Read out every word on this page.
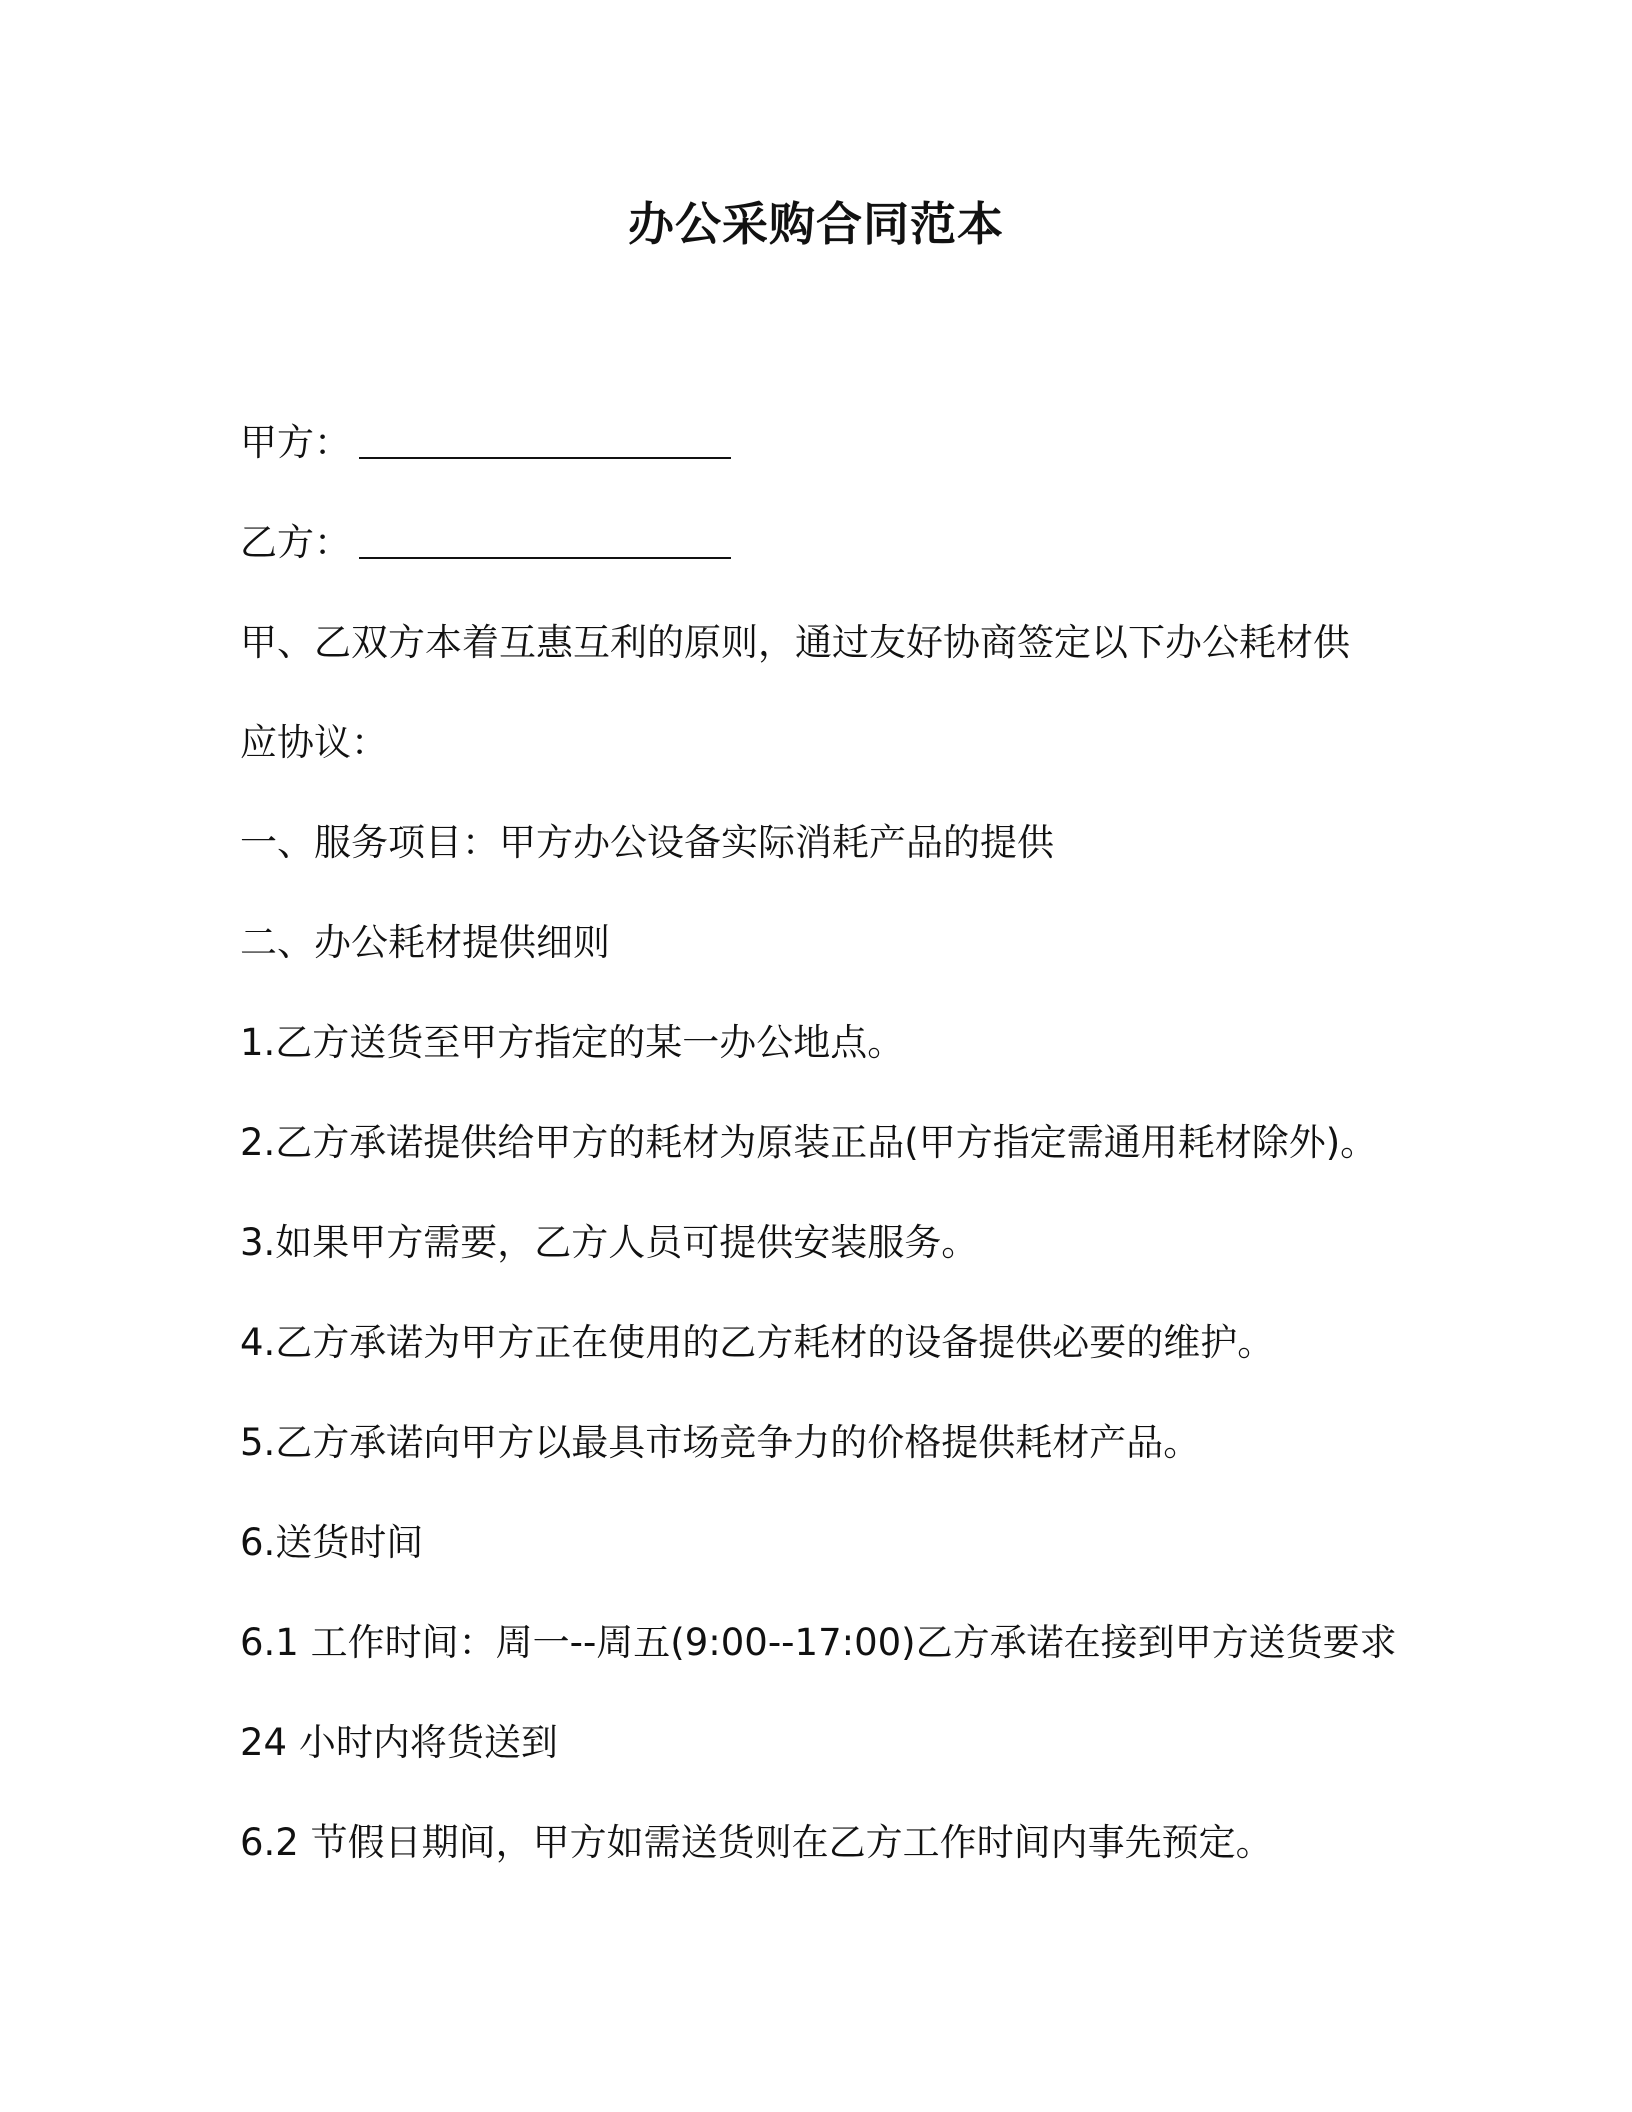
办公采购合同范本
甲方：
乙方：
甲、乙双方本着互惠互利的原则，通过友好协商签定以下办公耗材供
应协议：
一、服务项目：甲方办公设备实际消耗产品的提供
二、办公耗材提供细则
1.乙方送货至甲方指定的某一办公地点。
2.乙方承诺提供给甲方的耗材为原装正品(甲方指定需通用耗材除外)。
3.如果甲方需要，乙方人员可提供安装服务。
4.乙方承诺为甲方正在使用的乙方耗材的设备提供必要的维护。
5.乙方承诺向甲方以最具市场竞争力的价格提供耗材产品。
6.送货时间
6.1 工作时间：周一--周五(9:00--17:00)乙方承诺在接到甲方送货要求
24 小时内将货送到
6.2 节假日期间，甲方如需送货则在乙方工作时间内事先预定。
